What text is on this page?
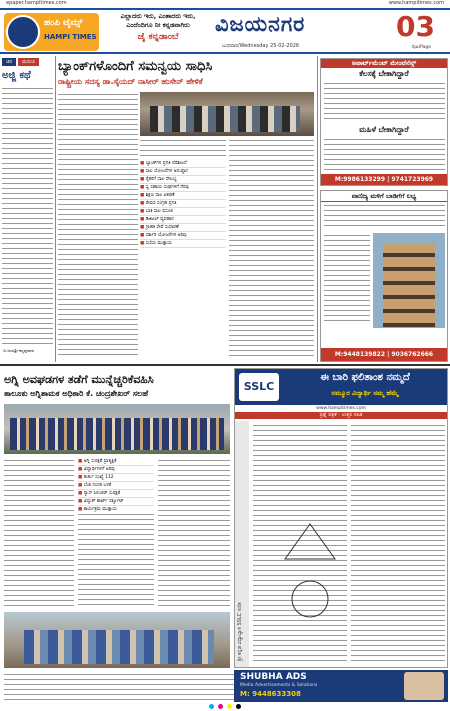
epaper.hampitimes.com	www.hampitimes.com
ಹಂಪಿ ಟೈಮ್ಸ್
HAMPI TIMES
ಎಲ್ಲಾದರು ಇರು, ಎಂತಾದರು ಇರು,
ಎಂದೆಂದಿಗೂ ನೀ ಕನ್ನಡವಾಗಿರು
ಜೈ ಕನ್ನಡಾಂಬೆ
ವಿಜಯನಗರ
ಬುಧವಾರ/Wednesday 25-02-2026
03
ಪುಟ/Page
ಚಿನ	ಮನುಚ
ಅಜ್ಜಿ ಕಥೆ
-ಬಿ.ಜಯಶ್ರೀ ಕಲ್ಲಪ್ಪನವರ
ಬ್ಯಾಂಕ್‌ಗಳೊಂದಿಗೆ ಸಮನ್ವಯ ಸಾಧಿಸಿ
ರಾಷ್ಟ್ರೀಯ ಸದಸ್ಯ ಡಾ.ಸೈಯದ್ ನಾಸೀರ್ ಹುಸೇನ್ ಹೇಳಿಕೆ
■ ಬ್ಯಾಂಕ್‌ಗಳ ಪ್ರಗತಿ ಪರಿಶೀಲನೆ
■ ಸಾಲ ಯೋಜನೆಗಳ ಅನುಷ್ಠಾನ
■ ರೈತರಿಗೆ ಸಾಲ ಸೌಲಭ್ಯ
■ ಸ್ವ ಸಹಾಯ ಸಂಘಗಳಿಗೆ ನೆರವು
■ ಶಿಕ್ಷಣ ಸಾಲ ವಿತರಣೆ
■ ಠೇವಣಿ ಸಂಗ್ರಹ ಪ್ರಗತಿ
■ ಬಾಕಿ ಸಾಲ ವಸೂಲಿ
■ ಡಿಜಿಟಲ್ ವ್ಯವಹಾರ
■ ಗ್ರಾಹಕ ಸೇವೆ ಸುಧಾರಣೆ
■ ಸರ್ಕಾರಿ ಯೋಜನೆಗಳ ಅರಿವು
■ ಸಭೆಯ ಮುಕ್ತಾಯ
ಅಪಾರ್ಟ್‌ಮೆಂಟ್ ಮೇಂಟೆನೆನ್ಸ್
ಕೆಲಸಕ್ಕೆ ಬೇಕಾಗಿದ್ದಾರೆ
ಮಹಿಳೆ ಬೇಕಾಗಿದ್ದಾರೆ
M:9986133299 | 9741723969
ವಾಣಿಜ್ಯ ಮಳಿಗೆ ಬಾಡಿಗೆಗೆ ಲಭ್ಯ
M:9448139822 | 9036762666
ಅಗ್ನಿ ಅವಘಡಗಳ ತಡೆಗೆ ಮುನ್ನೆಚ್ಚರಿಕೆವಹಿಸಿ
ತಾಲೂಕು ಅಗ್ನಿಶಾಮಕ ಅಧಿಕಾರಿ ಕೆ. ಚಂದ್ರಶೇಖರ್ ಸಲಹೆ
■ ಅಗ್ನಿ ಸುರಕ್ಷತೆ ಪ್ರಾತ್ಯಕ್ಷಿಕೆ
■ ವಿದ್ಯಾರ್ಥಿಗಳಿಗೆ ಅರಿವು
■ ತುರ್ತು ಸಂಖ್ಯೆ 112
■ ಬೆಂಕಿ ನಂದಕ ಬಳಕೆ
■ ಗ್ಯಾಸ್ ಸಿಲಿಂಡರ್ ಸುರಕ್ಷತೆ
■ ವಿದ್ಯುತ್ ಶಾರ್ಟ್ ಸರ್ಕ್ಯೂಟ್
■ ಕಾರ್ಯಕ್ರಮ ಮುಕ್ತಾಯ
SSLC
ಈ ಬಾರಿ ಫಲಿತಾಂಶ ನಮ್ಮದೆ
ನಮ್ಮೂರ ವಿದ್ಯಾರ್ಥಿ ನಮ್ಮ ಹೆಮ್ಮೆ
www.hampitimes.com
ಪ್ರಶ್ನೆ ಪತ್ರಿಕೆ - ಉತ್ತರ ಸಹಿತ
ಶ್ರೀ ಕನ್ನಡ ವಿದ್ಯಾಭ್ಯಾಸ SSLC ಗಣಿತ
SHUBHA ADS
Media Advertisements & Solutions
M: 9448633308
